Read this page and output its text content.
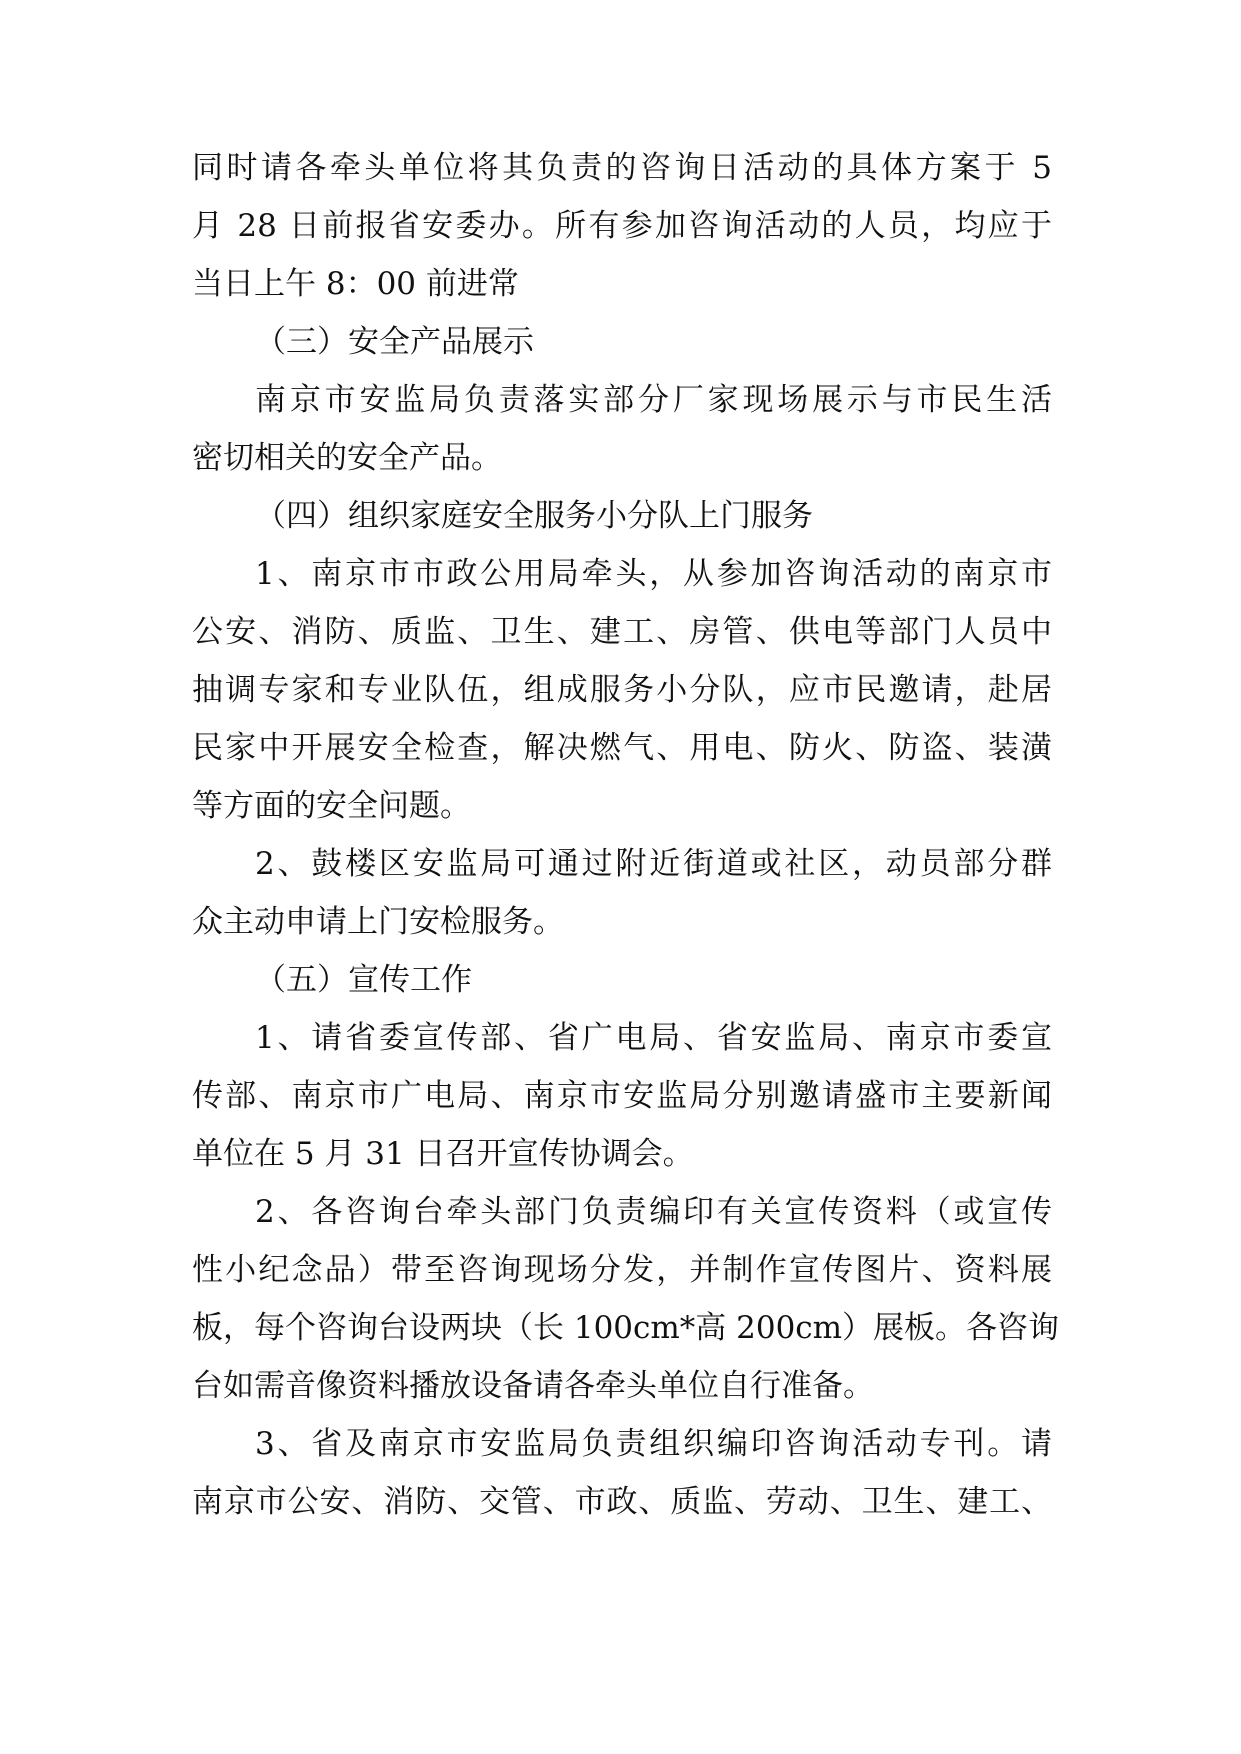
同时请各牵头单位将其负责的咨询日活动的具体方案于 5
月 28 日前报省安委办。所有参加咨询活动的人员，均应于
当日上午 8：00 前进常
（三）安全产品展示
南京市安监局负责落实部分厂家现场展示与市民生活
密切相关的安全产品。
（四）组织家庭安全服务小分队上门服务
1、南京市市政公用局牵头，从参加咨询活动的南京市
公安、消防、质监、卫生、建工、房管、供电等部门人员中
抽调专家和专业队伍，组成服务小分队，应市民邀请，赴居
民家中开展安全检查，解决燃气、用电、防火、防盗、装潢
等方面的安全问题。
2、鼓楼区安监局可通过附近街道或社区，动员部分群
众主动申请上门安检服务。
（五）宣传工作
1、请省委宣传部、省广电局、省安监局、南京市委宣
传部、南京市广电局、南京市安监局分别邀请盛市主要新闻
单位在 5 月 31 日召开宣传协调会。
2、各咨询台牵头部门负责编印有关宣传资料（或宣传
性小纪念品）带至咨询现场分发，并制作宣传图片、资料展
板，每个咨询台设两块（长 100cm*高 200cm）展板。各咨询
台如需音像资料播放设备请各牵头单位自行准备。
3、省及南京市安监局负责组织编印咨询活动专刊。请
南京市公安、消防、交管、市政、质监、劳动、卫生、建工、
